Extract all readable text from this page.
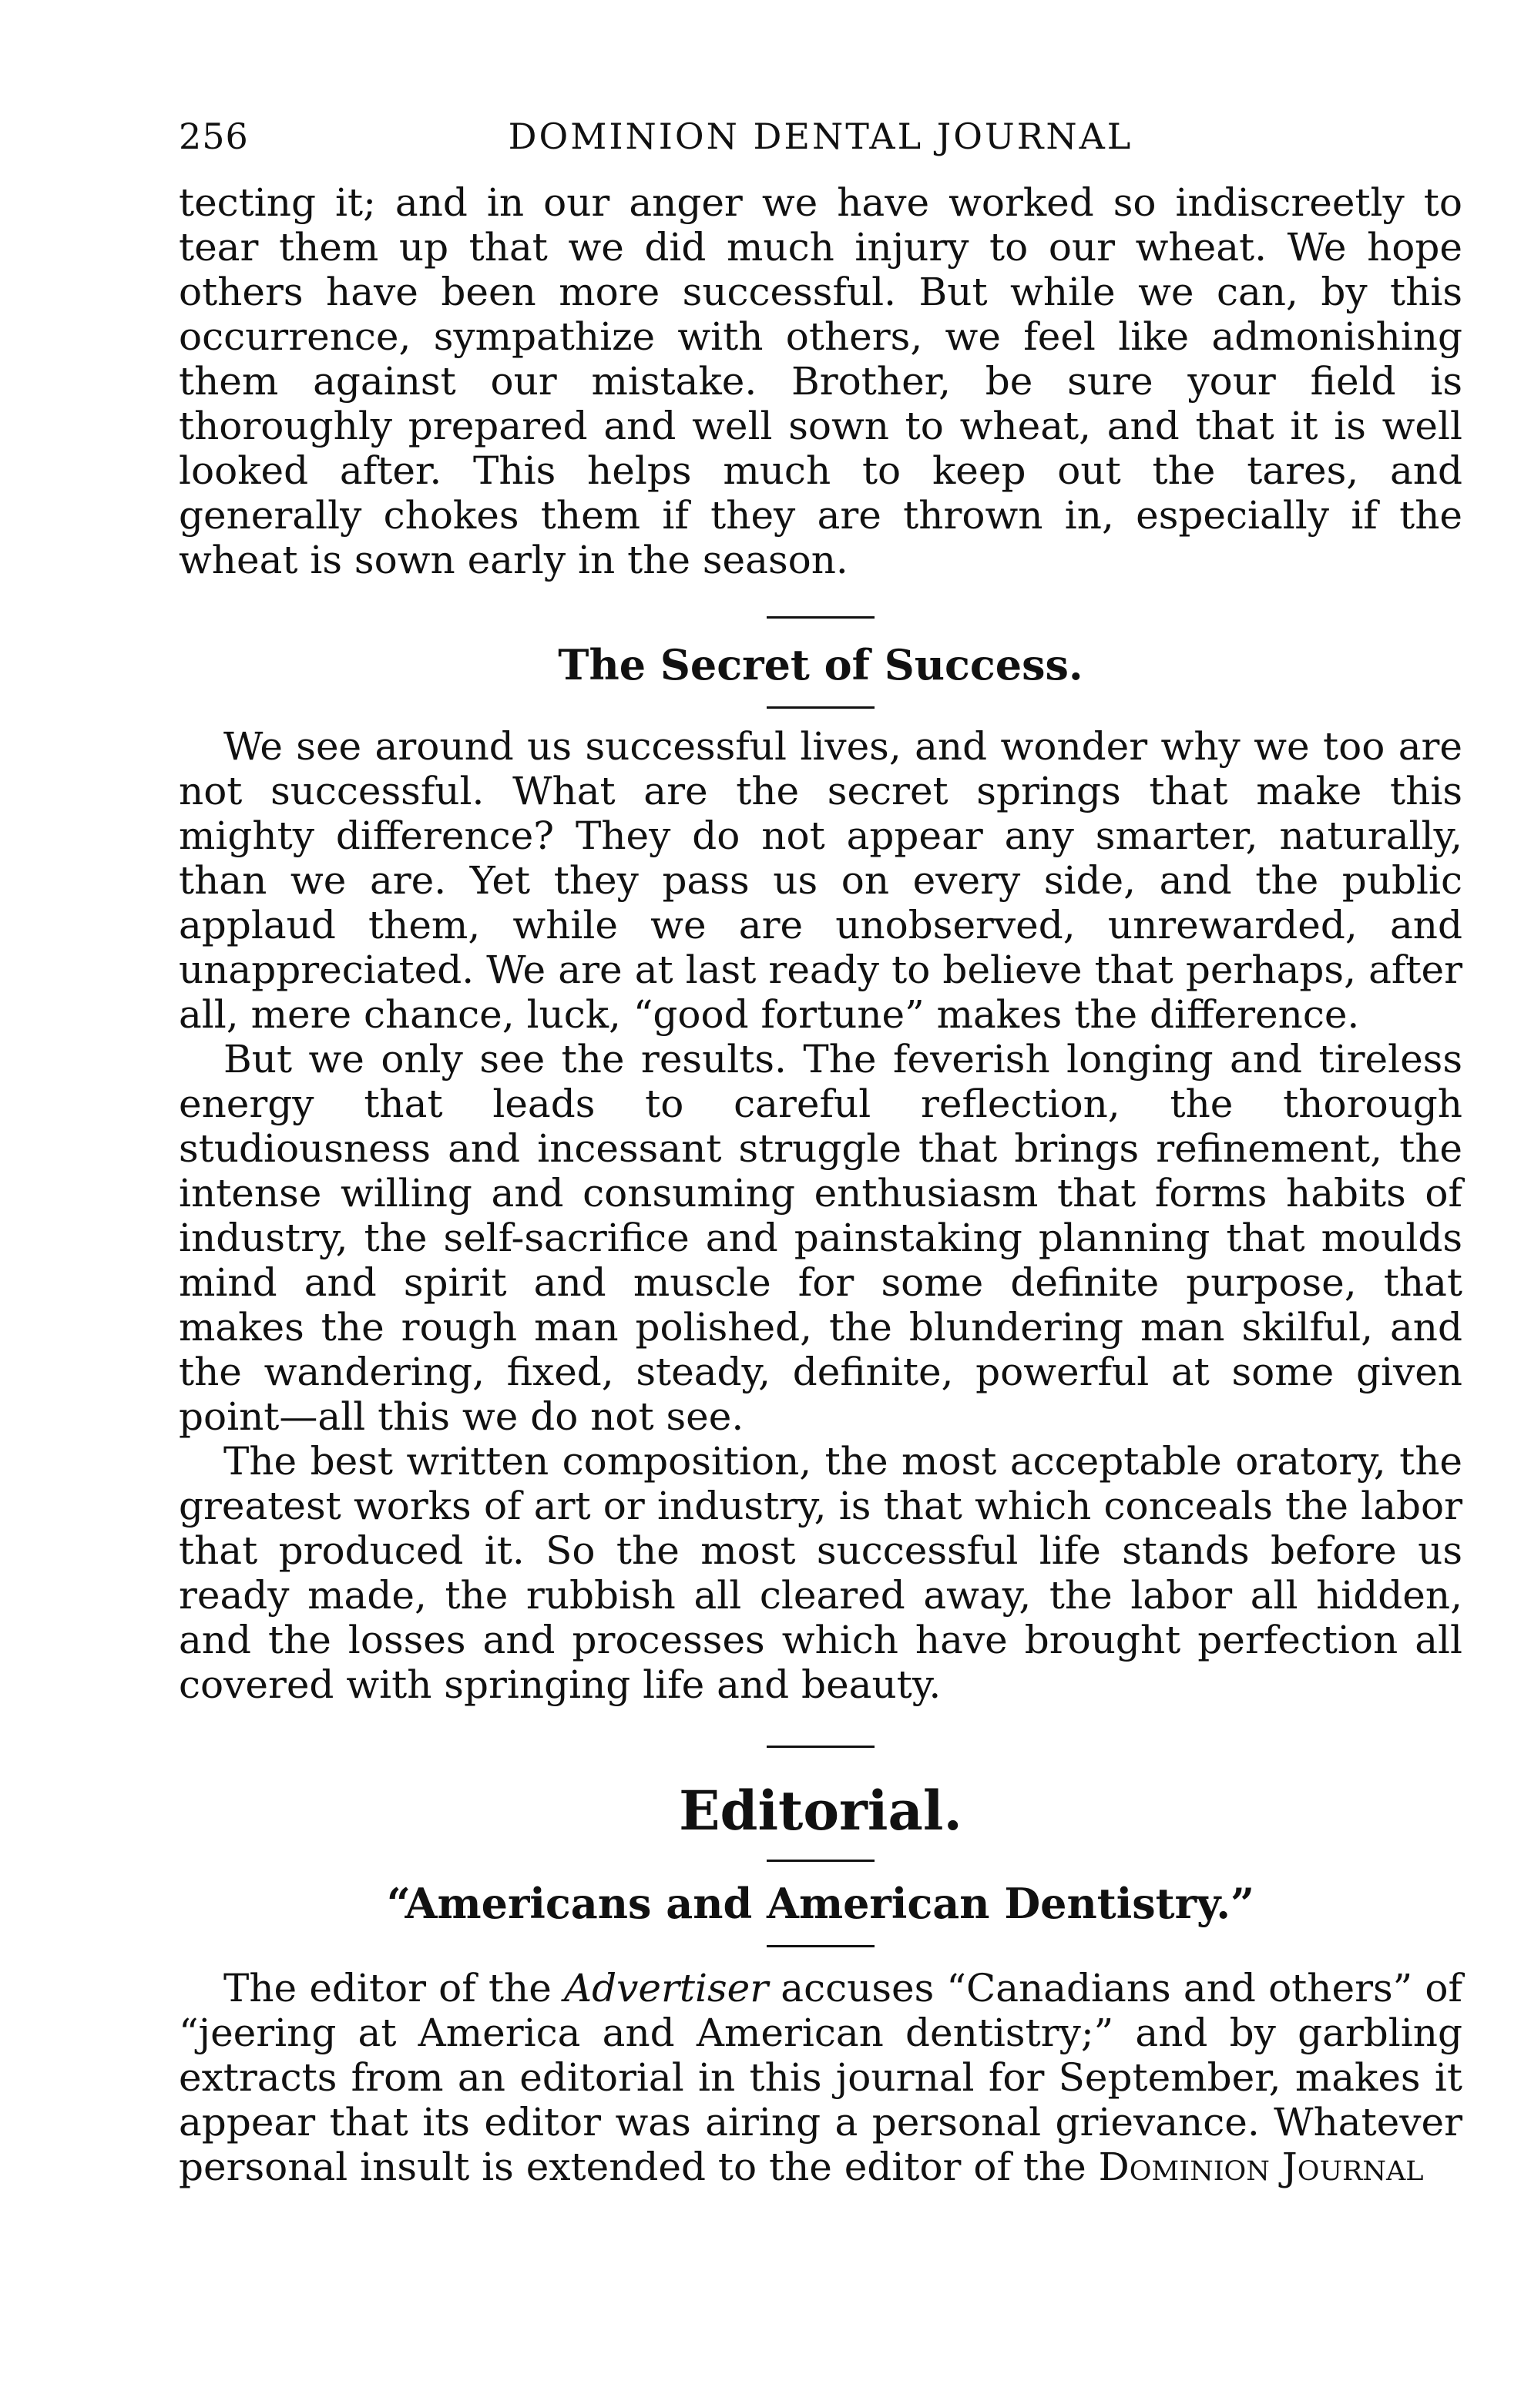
256	DOMINION DENTAL JOURNAL

tecting it; and in our anger we have worked so indiscreetly to tear them up that we did much injury to our wheat. We hope others have been more successful. But while we can, by this occurrence, sympathize with others, we feel like admonishing them against our mistake. Brother, be sure your field is thoroughly prepared and well sown to wheat, and that it is well looked after. This helps much to keep out the tares, and generally chokes them if they are thrown in, especially if the wheat is sown early in the season.

The Secret of Success.

We see around us successful lives, and wonder why we too are not successful. What are the secret springs that make this mighty difference? They do not appear any smarter, naturally, than we are. Yet they pass us on every side, and the public applaud them, while we are unobserved, unrewarded, and unappreciated. We are at last ready to believe that perhaps, after all, mere chance, luck, “good fortune” makes the difference.

But we only see the results. The feverish longing and tireless energy that leads to careful reflection, the thorough studiousness and incessant struggle that brings refinement, the intense willing and consuming enthusiasm that forms habits of industry, the self-sacrifice and painstaking planning that moulds mind and spirit and muscle for some definite purpose, that makes the rough man polished, the blundering man skilful, and the wandering, fixed, steady, definite, powerful at some given point—all this we do not see.

The best written composition, the most acceptable oratory, the greatest works of art or industry, is that which conceals the labor that produced it. So the most successful life stands before us ready made, the rubbish all cleared away, the labor all hidden, and the losses and processes which have brought perfection all covered with springing life and beauty.

Editorial.
“Americans and American Dentistry.”

The editor of the Advertiser accuses “Canadians and others” of “jeering at America and American dentistry;” and by garbling extracts from an editorial in this journal for September, makes it appear that its editor was airing a personal grievance. Whatever personal insult is extended to the editor of the Dominion Journal
